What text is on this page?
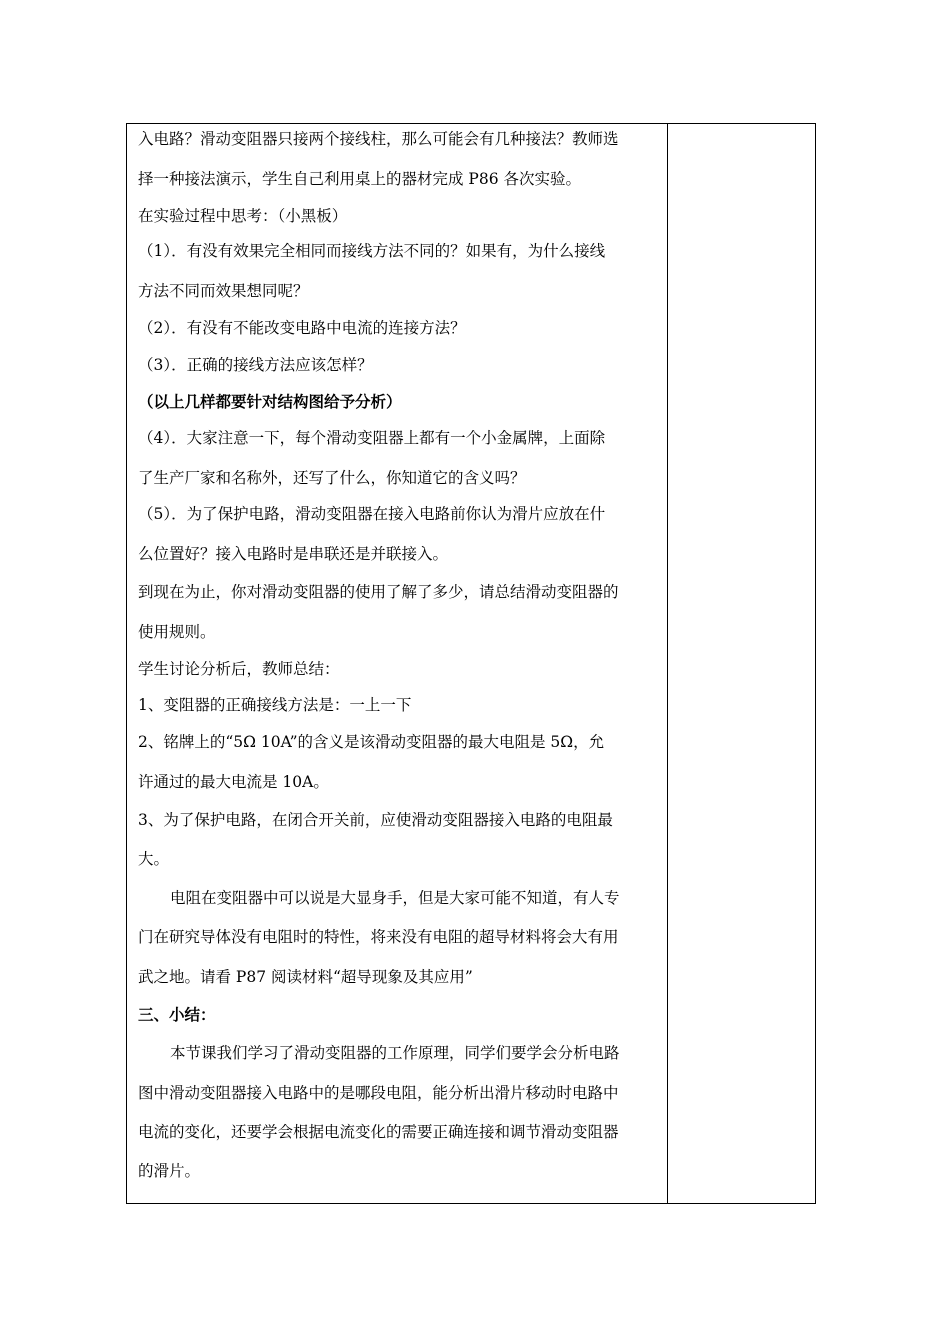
入电路？滑动变阻器只接两个接线柱，那么可能会有几种接法？教师选
择一种接法演示，学生自己利用桌上的器材完成 P86 各次实验。
在实验过程中思考：（小黑板）
（1）．有没有效果完全相同而接线方法不同的？如果有，为什么接线
方法不同而效果想同呢？
（2）．有没有不能改变电路中电流的连接方法？
（3）．正确的接线方法应该怎样？
（以上几样都要针对结构图给予分析）
（4）．大家注意一下，每个滑动变阻器上都有一个小金属牌，上面除
了生产厂家和名称外，还写了什么，你知道它的含义吗？
（5）．为了保护电路，滑动变阻器在接入电路前你认为滑片应放在什
么位置好？接入电路时是串联还是并联接入。
到现在为止，你对滑动变阻器的使用了解了多少，请总结滑动变阻器的
使用规则。
学生讨论分析后，教师总结：
1、变阻器的正确接线方法是：一上一下
2、铭牌上的“5Ω 10A”的含义是该滑动变阻器的最大电阻是 5Ω，允
许通过的最大电流是 10A。
3、为了保护电路，在闭合开关前，应使滑动变阻器接入电路的电阻最
大。
电阻在变阻器中可以说是大显身手，但是大家可能不知道，有人专
门在研究导体没有电阻时的特性，将来没有电阻的超导材料将会大有用
武之地。请看 P87 阅读材料“超导现象及其应用”
三、小结：
本节课我们学习了滑动变阻器的工作原理，同学们要学会分析电路
图中滑动变阻器接入电路中的是哪段电阻，能分析出滑片移动时电路中
电流的变化，还要学会根据电流变化的需要正确连接和调节滑动变阻器
的滑片。
